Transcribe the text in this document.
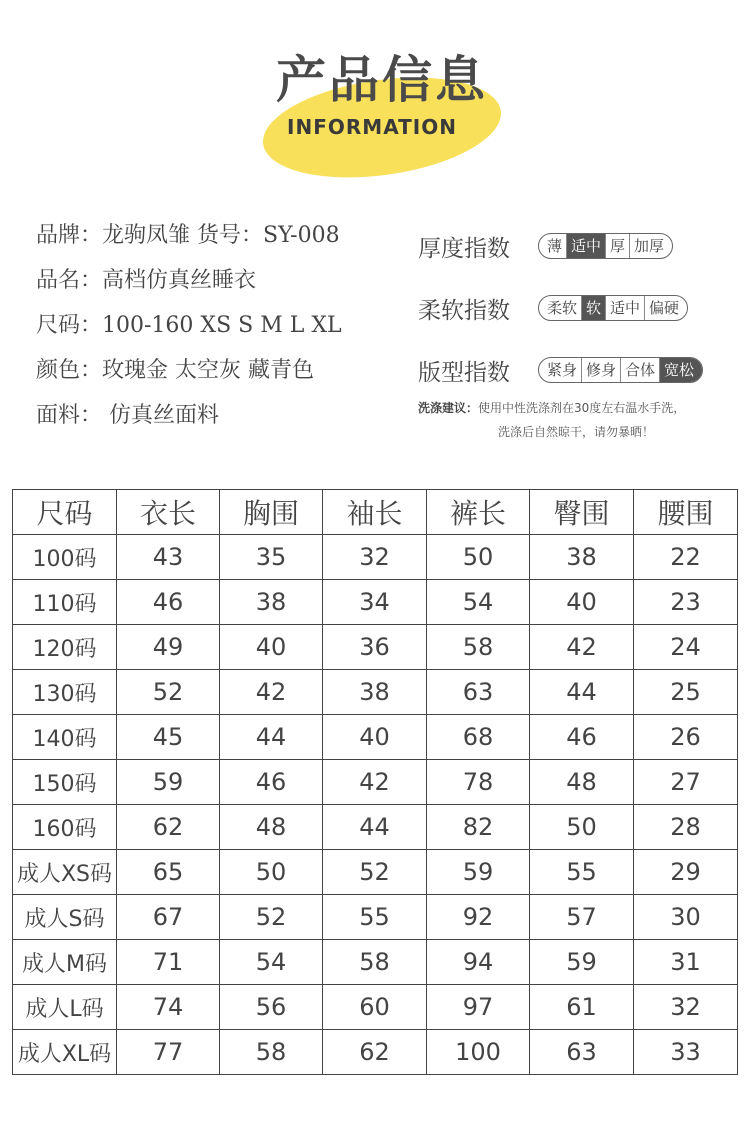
产品信息
INFORMATION
品牌：龙驹凤雏 货号：SY-008
品名：高档仿真丝睡衣
尺码：100-160 XS S M L XL
颜色：玫瑰金 太空灰 藏青色
面料： 仿真丝面料
厚度指数	薄 适中 厚 加厚
柔软指数	柔软 软 适中 偏硬
版型指数	紧身 修身 合体 宽松
洗涤建议：使用中性洗涤剂在30度左右温水手洗，
洗涤后自然晾干，请勿暴晒！
尺码	衣长	胸围	袖长	裤长	臀围	腰围
100码	43	35	32	50	38	22
110码	46	38	34	54	40	23
120码	49	40	36	58	42	24
130码	52	42	38	63	44	25
140码	45	44	40	68	46	26
150码	59	46	42	78	48	27
160码	62	48	44	82	50	28
成人XS码	65	50	52	59	55	29
成人S码	67	52	55	92	57	30
成人M码	71	54	58	94	59	31
成人L码	74	56	60	97	61	32
成人XL码	77	58	62	100	63	33
